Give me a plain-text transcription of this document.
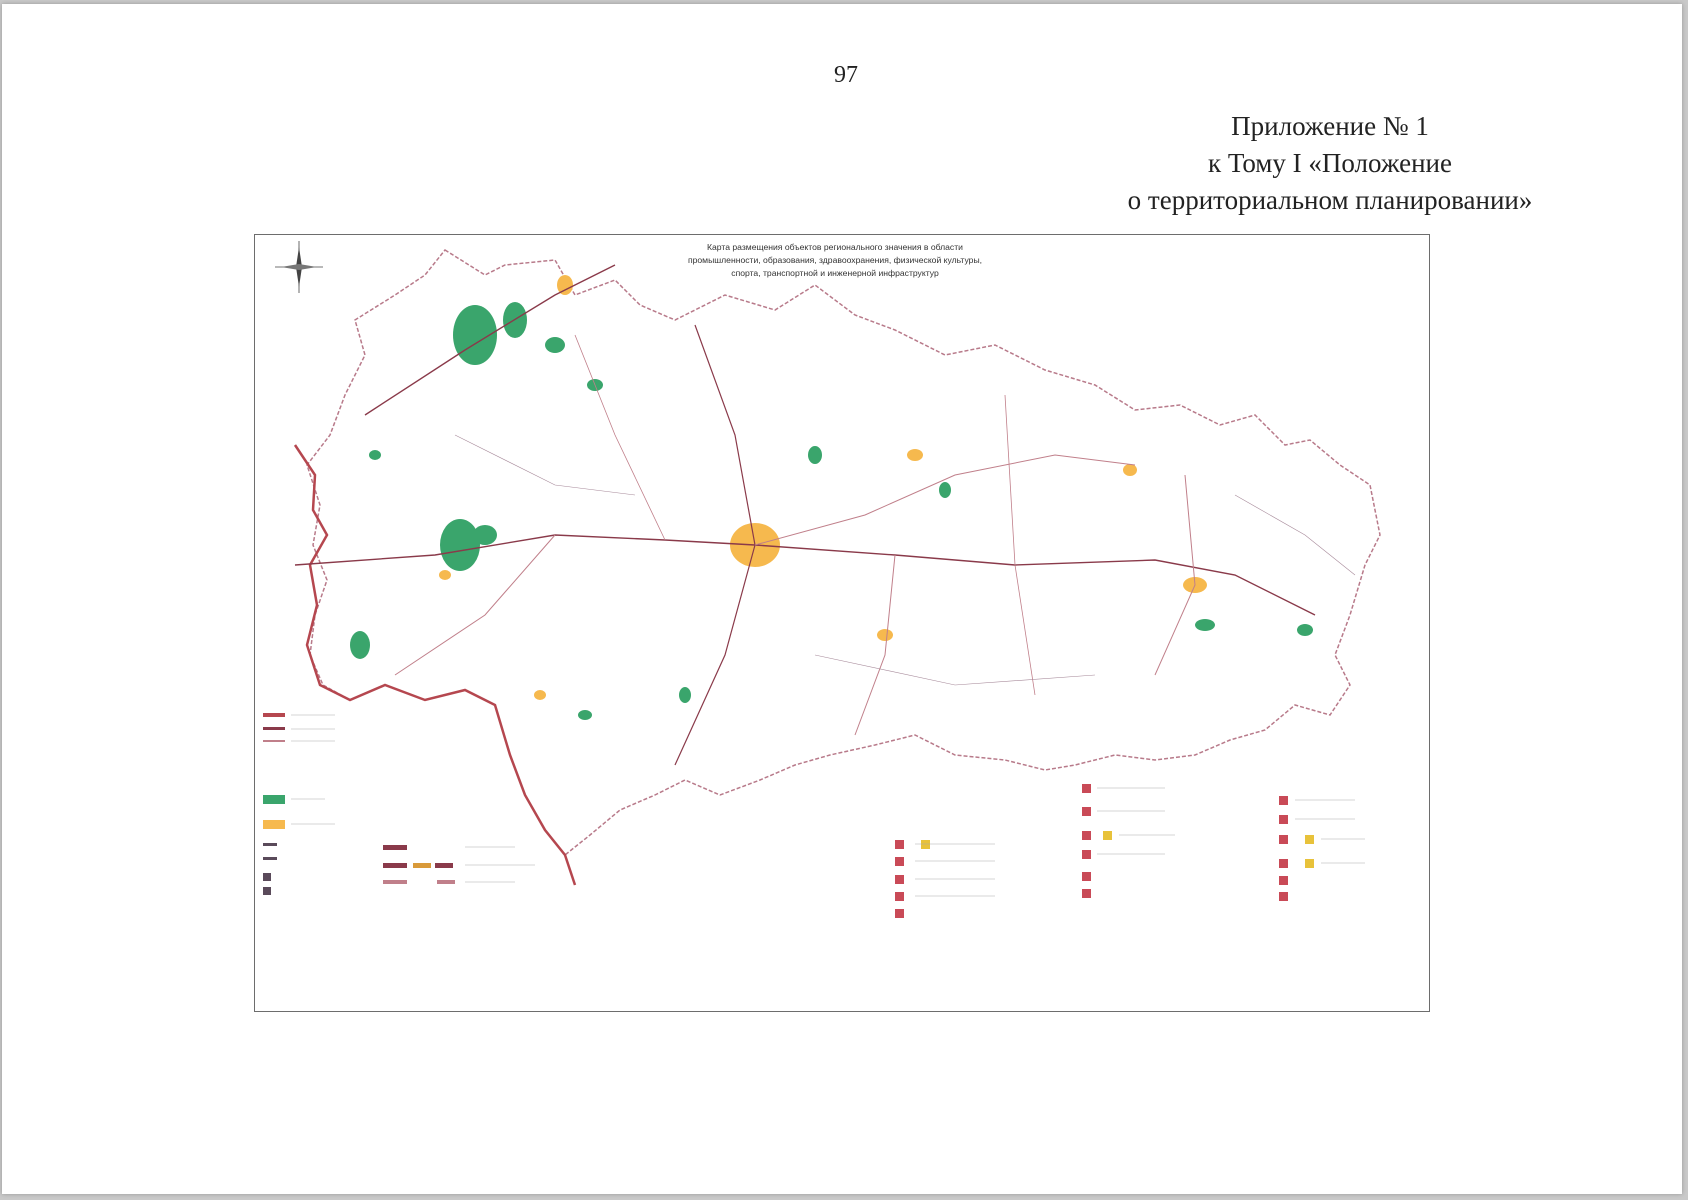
97
Приложение № 1
к Тому I «Положение
о территориальном планировании»
Карта размещения объектов регионального значения в области
промышленности, образования, здравоохранения, физической культуры,
спорта, транспортной и инженерной инфраструктур
